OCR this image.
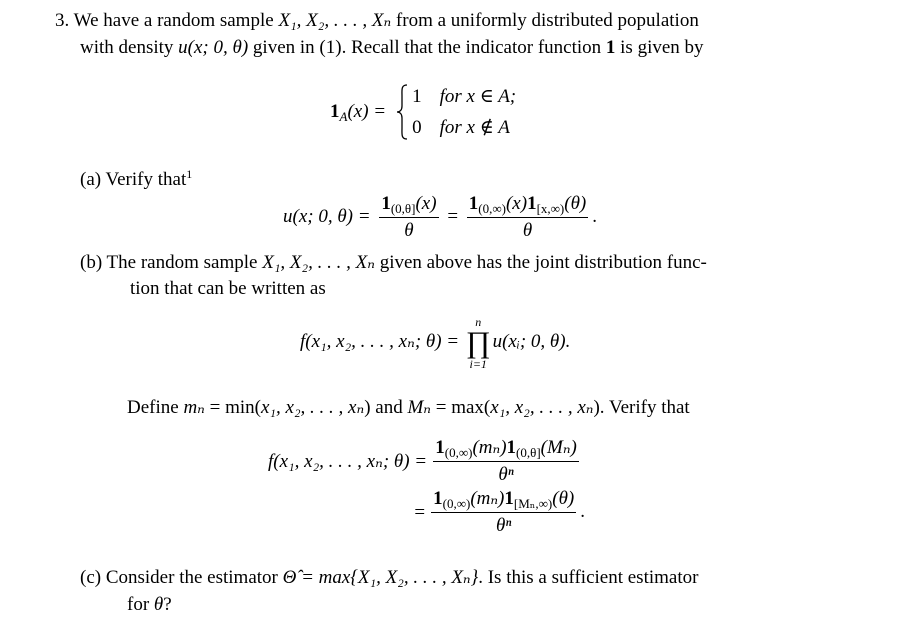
3. We have a random sample X₁, X₂, . . . , Xₙ from a uniformly distributed population
with density u(x; 0, θ) given in (1). Recall that the indicator function 1 is given by
$1_A(x)$ =
1 for x ∈ A;
0 for x ∉ A
(a) Verify that$^1$
u(x; 0, $\theta) = \frac{1_{(0,\theta]}(x)}{\theta} = \frac{1_{(0,\infty)}(x)1_{[x,\infty)}(\theta)}{\theta}$ .
(b) The random sample X₁, X₂, . . . , Xₙ given above has the joint distribution func-
tion that can be written as
f(x₁, x₂, . . . , xₙ; θ) =
n
∏
i=1
u(xᵢ; 0, θ).
Define mₙ = min(x₁, x₂, . . . , xₙ) and Mₙ = max(x₁, x₂, . . . , xₙ). Verify that
f(x₁, x₂, . . . , xₙ; $\theta) = \frac{1_{(0,\infty)}(m_n)1_{(0,\theta]}(M_n)}{\text{θⁿ}}$
= $\frac{1_{(0,\infty)}(m_n)1_{[M_n,\infty)}(\theta)}{\text{θⁿ}}$ .
(c) Consider the estimator Θ̂ = max{X₁, X₂, . . . , Xₙ}. Is this a sufficient estimator
for θ?
